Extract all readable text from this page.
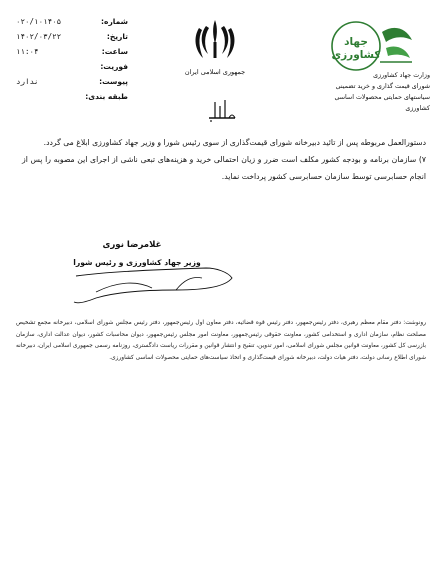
شماره:
۰۲۰/۱۰۱۴۰۵
تاریخ:
۱۴۰۲/۰۳/۲۲
ساعت:
۱۱:۰۴
فوریت:
پیوست:
ندارد
طبقه بندی:
جمهوری اسلامی ایران
جهاد کشاورزی
وزارت جهاد کشاورزی
شورای قیمت گذاری و خرید تضمینی
سیاستهای حمایتی محصولات اساسی کشاورزی

دستورالعمل مربوطه پس از تائید دبیرخانه شورای قیمت‌گذاری از سوی رئیس شورا و وزیر جهاد کشاورزی ابلاغ می گردد.

۷) سازمان برنامه و بودجه کشور مکلف است ضرر و زیان احتمالی خرید و هزینه‌های تبعی ناشی از اجرای این مصوبه را پس از انجام حسابرسی توسط سازمان حسابرسی کشور پرداخت نماید.

غلامرضا نوری
وزیر جهاد کشاورزی و رئیس شورا
رونوشت: دفتر مقام معظم رهبری، دفتر رئیس‌جمهور، دفتر رئیس قوه قضائیه، دفتر معاون اول رئیس‌جمهور، دفتر رئیس مجلس شورای اسلامی، دبیرخانه مجمع تشخیص مصلحت نظام، سازمان اداری و استخدامی کشور، معاونت حقوقی رئیس‌جمهور، معاونت امور مجلس رئیس‌جمهور، دیوان محاسبات کشور، دیوان عدالت اداری، سازمان بازرسی کل کشور، معاونت قوانین مجلس شورای اسلامی، امور تدوین، تنقیح و انتشار قوانین و مقررات ریاست دادگستری، روزنامه رسمی جمهوری اسلامی ایران، دبیرخانه شورای اطلاع رسانی دولت، دفتر هیات دولت، دبیرخانه شورای قیمت‌گذاری و اتخاذ سیاست‌های حمایتی محصولات اساسی کشاورزی.
